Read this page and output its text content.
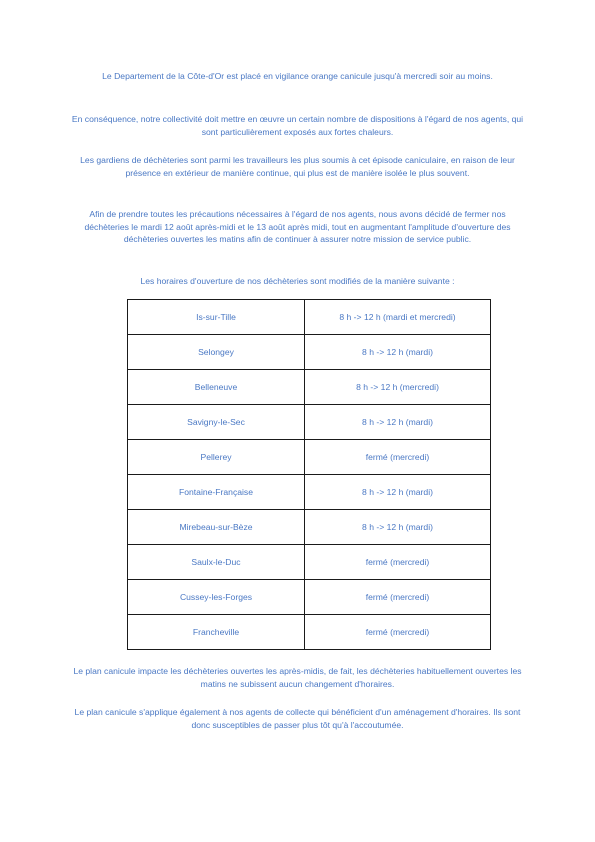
Le Departement de la Côte-d'Or est placé en vigilance orange canicule jusqu'à mercredi soir au moins.

En conséquence, notre collectivité doit mettre en œuvre un certain nombre de dispositions à l'égard de nos agents, qui sont particulièrement exposés aux fortes chaleurs.

Les gardiens de déchèteries sont parmi les travailleurs les plus soumis à cet épisode caniculaire, en raison de leur présence en extérieur de manière continue, qui plus est de manière isolée le plus souvent.

Afin de prendre toutes les précautions nécessaires à l'égard de nos agents, nous avons décidé de fermer nos déchèteries le mardi 12 août après-midi et le 13 août après midi, tout en augmentant l'amplitude d'ouverture des déchèteries ouvertes les matins afin de continuer à assurer notre mission de service public.

Les horaires d'ouverture de nos déchèteries sont modifiés de la manière suivante :

Is-sur-Tille	8 h -> 12 h (mardi et mercredi)
Selongey	8 h -> 12 h (mardi)
Belleneuve	8 h -> 12 h (mercredi)
Savigny-le-Sec	8 h -> 12 h (mardi)
Pellerey	fermé (mercredi)
Fontaine-Française	8 h -> 12 h (mardi)
Mirebeau-sur-Bèze	8 h -> 12 h (mardi)
Saulx-le-Duc	fermé (mercredi)
Cussey-les-Forges	fermé (mercredi)
Francheville	fermé (mercredi)

Le plan canicule impacte les déchèteries ouvertes les après-midis, de fait, les déchèteries habituellement ouvertes les matins ne subissent aucun changement d'horaires.

Le plan canicule s'applique également à nos agents de collecte qui bénéficient d'un aménagement d'horaires. Ils sont donc susceptibles de passer plus tôt qu'à l'accoutumée.
